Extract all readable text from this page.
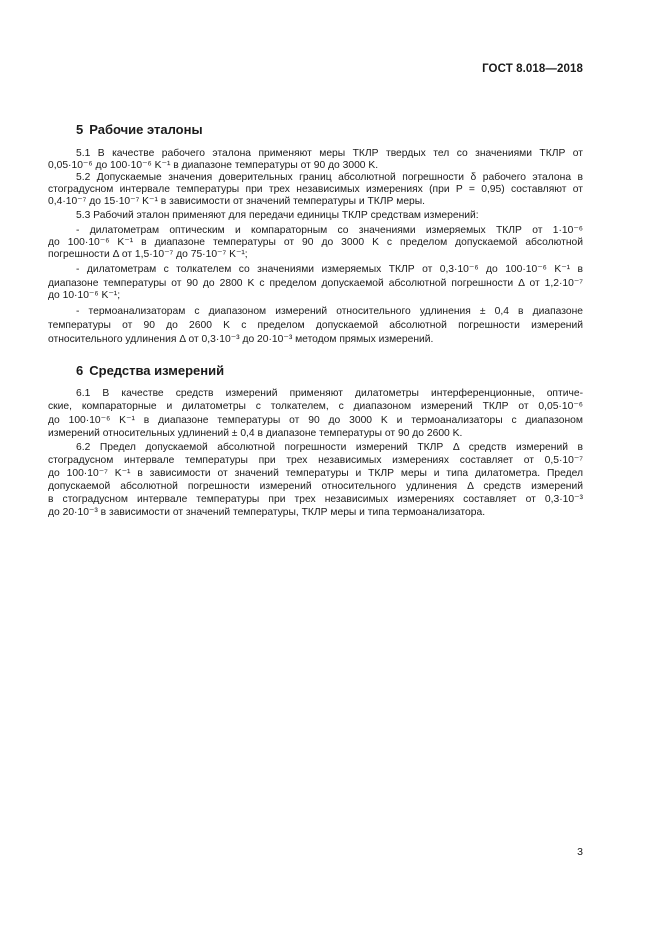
ГОСТ 8.018—2018
5 Рабочие эталоны
5.1 В качестве рабочего эталона применяют меры ТКЛР твердых тел со значениями ТКЛР от
0,05·10⁻⁶ до 100·10⁻⁶ K⁻¹ в диапазоне температуры от 90 до 3000 K.
5.2 Допускаемые значения доверительных границ абсолютной погрешности δ рабочего эталона в
стоградусном интервале температуры при трех независимых измерениях (при P = 0,95) составляют от
0,4·10⁻⁷ до 15·10⁻⁷ K⁻¹ в зависимости от значений температуры и ТКЛР меры.
5.3 Рабочий эталон применяют для передачи единицы ТКЛР средствам измерений:
- дилатометрам оптическим и компараторным со значениями измеряемых ТКЛР от 1·10⁻⁶
до 100·10⁻⁶ K⁻¹ в диапазоне температуры от 90 до 3000 K с пределом допускаемой абсолютной
погрешности Δ от 1,5·10⁻⁷ до 75·10⁻⁷ K⁻¹;
- дилатометрам с толкателем со значениями измеряемых ТКЛР от 0,3·10⁻⁶ до 100·10⁻⁶ K⁻¹ в
диапазоне температуры от 90 до 2800 K с пределом допускаемой абсолютной погрешности Δ от 1,2·10⁻⁷
до 10·10⁻⁶ K⁻¹;
- термоанализаторам с диапазоном измерений относительного удлинения ± 0,4 в диапазоне
температуры от 90 до 2600 K с пределом допускаемой абсолютной погрешности измерений
относительного удлинения Δ от 0,3·10⁻³ до 20·10⁻³ методом прямых измерений.
6 Средства измерений
6.1 В качестве средств измерений применяют дилатометры интерференционные, оптиче-
ские, компараторные и дилатометры с толкателем, с диапазоном измерений ТКЛР от 0,05·10⁻⁶
до 100·10⁻⁶ K⁻¹ в диапазоне температуры от 90 до 3000 K и термоанализаторы с диапазоном
измерений относительных удлинений ± 0,4 в диапазоне температуры от 90 до 2600 K.
6.2 Предел допускаемой абсолютной погрешности измерений ТКЛР Δ средств измерений в
стоградусном интервале температуры при трех независимых измерениях составляет от 0,5·10⁻⁷
до 100·10⁻⁷ K⁻¹ в зависимости от значений температуры и ТКЛР меры и типа дилатометра. Предел
допускаемой абсолютной погрешности измерений относительного удлинения Δ средств измерений
в стоградусном интервале температуры при трех независимых измерениях составляет от 0,3·10⁻³
до 20·10⁻³ в зависимости от значений температуры, ТКЛР меры и типа термоанализатора.
3
